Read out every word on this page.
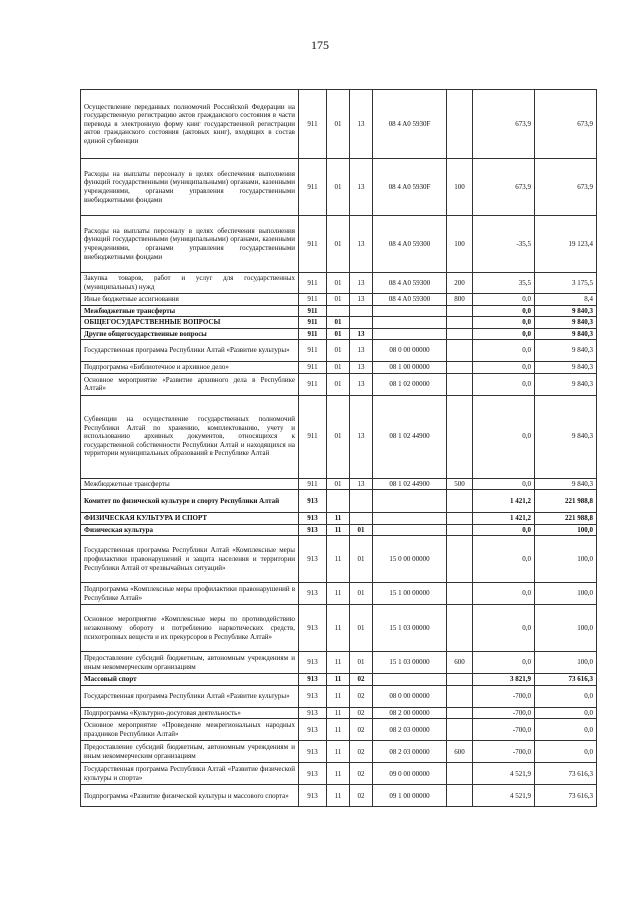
175
Осуществление переданных полномочий Российской Федерации на государственную регистрацию актов гражданского состояния в части перевода в электронную форму книг государственной регистрации актов гражданского состояния (актовых книг), входящих в состав единой субвенции	911	01	13	08 4 A0 5930F		673,9	673,9
Расходы на выплаты персоналу в целях обеспечения выполнения функций государственными (муниципальными) органами, казенными учреждениями, органами управления государственными внебюджетными фондами	911	01	13	08 4 A0 5930F	100	673,9	673,9
Расходы на выплаты персоналу в целях обеспечения выполнения функций государственными (муниципальными) органами, казенными учреждениями, органами управления государственными внебюджетными фондами	911	01	13	08 4 A0 59300	100	-35,5	19 123,4
Закупка товаров, работ и услуг для государственных (муниципальных) нужд	911	01	13	08 4 A0 59300	200	35,5	3 175,5
Иные бюджетные ассигнования	911	01	13	08 4 A0 59300	800	0,0	8,4
Межбюджетные трансферты	911					0,0	9 840,3
ОБЩЕГОСУДАРСТВЕННЫЕ ВОПРОСЫ	911	01				0,0	9 840,3
Другие общегосударственные вопросы	911	01	13			0,0	9 840,3
Государственная программа Республики Алтай «Развитие культуры»	911	01	13	08 0 00 00000		0,0	9 840,3
Подпрограмма «Библиотечное и архивное дело»	911	01	13	08 1 00 00000		0,0	9 840,3
Основное мероприятие «Развитие архивного дела в Республике Алтай»	911	01	13	08 1 02 00000		0,0	9 840,3
Субвенции на осуществление государственных полномочий Республики Алтай по хранению, комплектованию, учету и использованию архивных документов, относящихся к государственной собственности Республики Алтай и находящихся на территории муниципальных образований в Республике Алтай	911	01	13	08 1 02 44900		0,0	9 840,3
Межбюджетные трансферты	911	01	13	08 1 02 44900	500	0,0	9 840,3
Комитет по физической культуре и спорту Республики Алтай	913					1 421,2	221 988,8
ФИЗИЧЕСКАЯ КУЛЬТУРА И СПОРТ	913	11				1 421,2	221 988,8
Физическая культура	913	11	01			0,0	100,0
Государственная программа Республики Алтай «Комплексные меры профилактики правонарушений и защита населения и территории Республики Алтай от чрезвычайных ситуаций»	913	11	01	15 0 00 00000		0,0	100,0
Подпрограмма «Комплексные меры профилактики правонарушений в Республике Алтай»	913	11	01	15 1 00 00000		0,0	100,0
Основное мероприятие «Комплексные меры по противодействию незаконному обороту и потреблению наркотических средств, психотропных веществ и их прекурсоров в Республике Алтай»	913	11	01	15 1 03 00000		0,0	100,0
Предоставление субсидий бюджетным, автономным учреждениям и иным некоммерческим организациям	913	11	01	15 1 03 00000	600	0,0	100,0
Массовый спорт	913	11	02			3 821,9	73 616,3
Государственная программа Республики Алтай «Развитие культуры»	913	11	02	08 0 00 00000		-700,0	0,0
Подпрограмма «Культурно-досуговая деятельность»	913	11	02	08 2 00 00000		-700,0	0,0
Основное мероприятие «Проведение межрегиональных народных праздников Республики Алтай»	913	11	02	08 2 03 00000		-700,0	0,0
Предоставление субсидий бюджетным, автономным учреждениям и иным некоммерческим организациям	913	11	02	08 2 03 00000	600	-700,0	0,0
Государственная программа Республики Алтай «Развитие физической культуры и спорта»	913	11	02	09 0 00 00000		4 521,9	73 616,3
Подпрограмма «Развитие физической культуры и массового спорта»	913	11	02	09 1 00 00000		4 521,9	73 616,3
